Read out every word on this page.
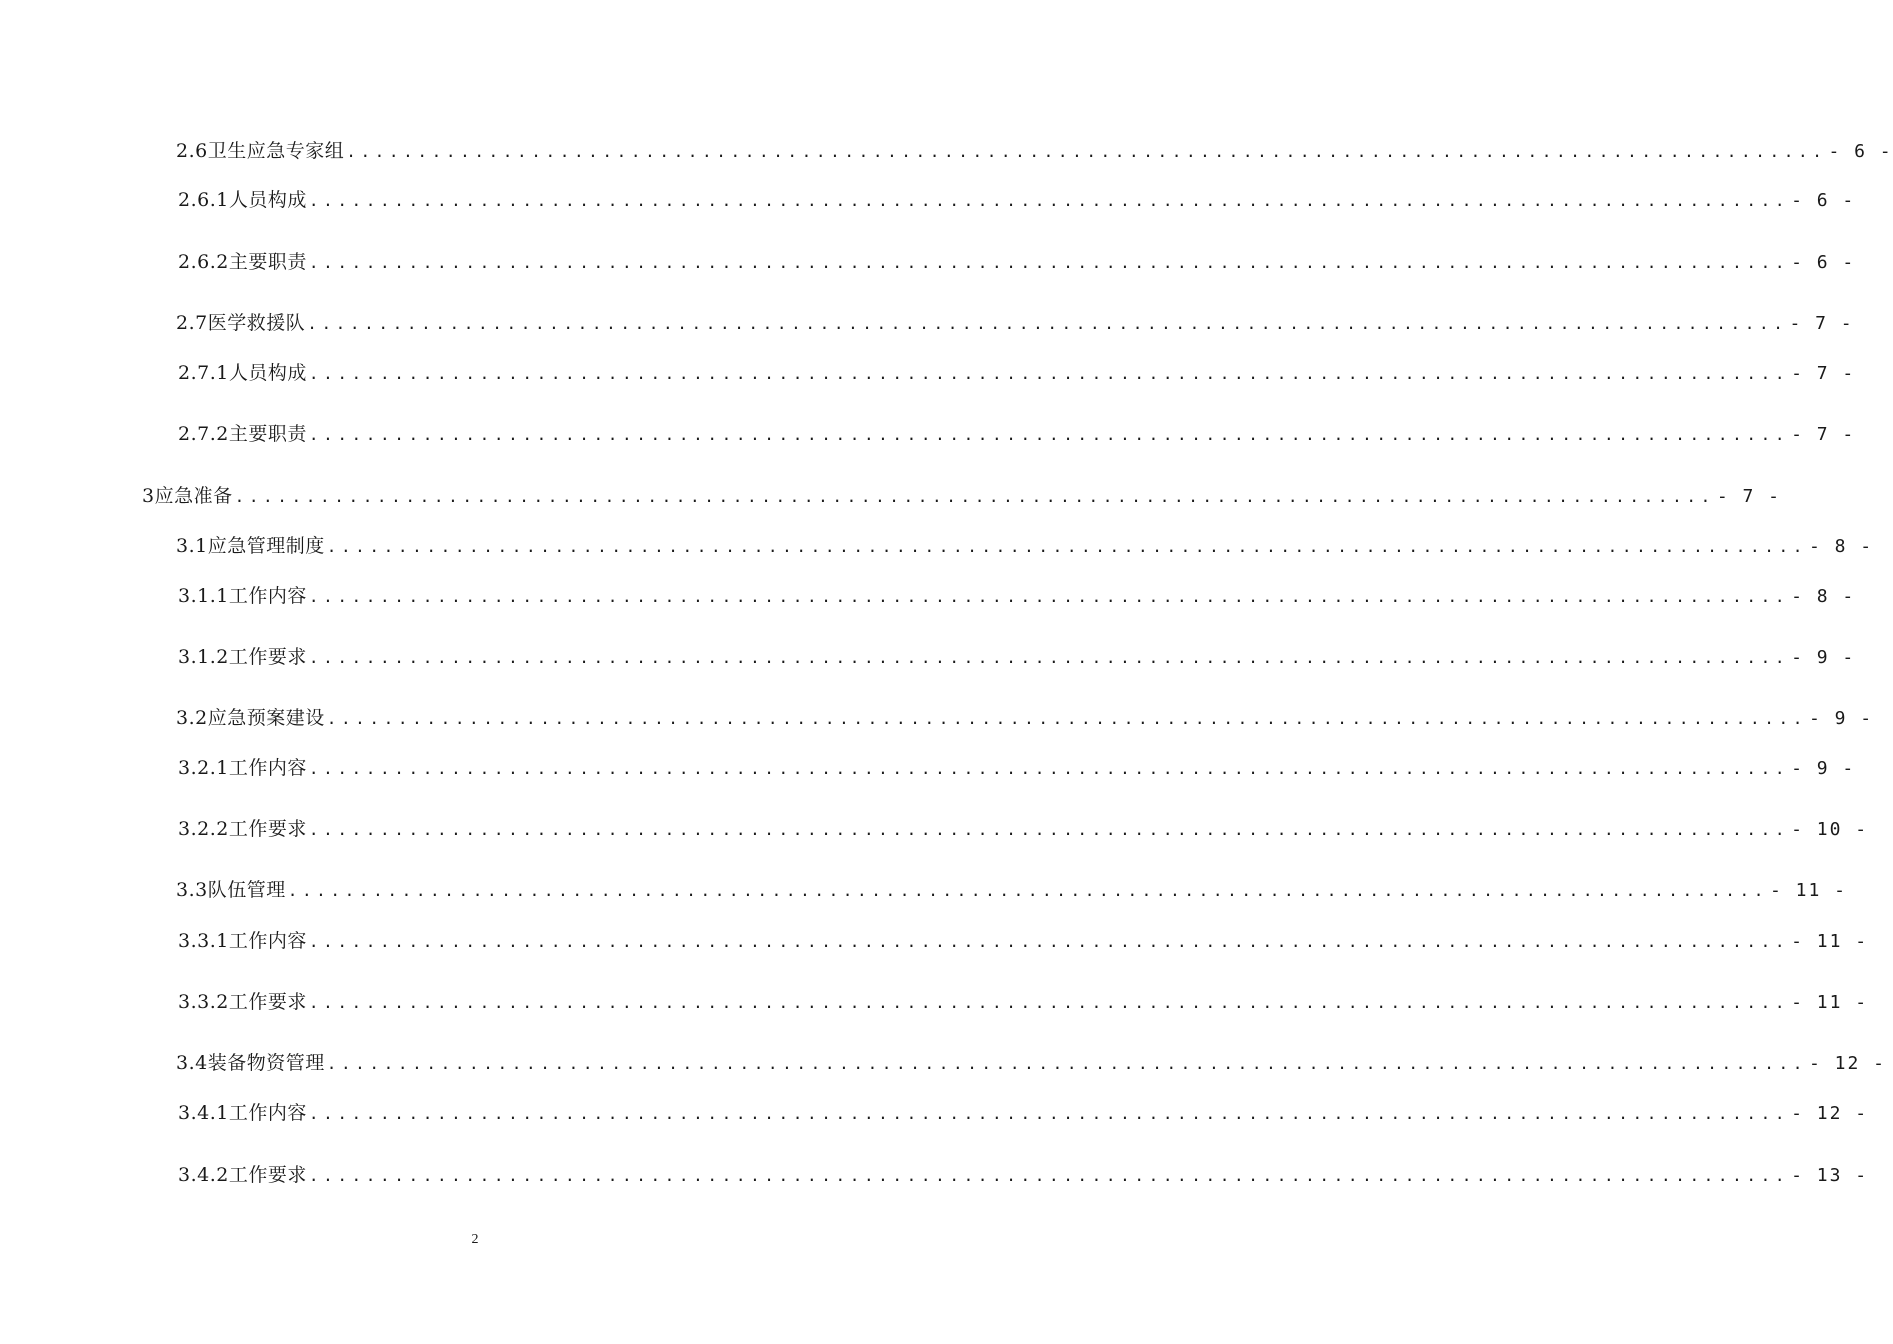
2.6卫生应急专家组 ........................................................................................................ - 6 -
2.6.1人员构成 ........................................................................................................ - 6 -
2.6.2主要职责 ........................................................................................................ - 6 -
2.7医学救援队 ........................................................................................................ - 7 -
2.7.1人员构成 ........................................................................................................ - 7 -
2.7.2主要职责 ........................................................................................................ - 7 -
3应急准备 ........................................................................................................ - 7 -
3.1应急管理制度 ........................................................................................................ - 8 -
3.1.1工作内容 ........................................................................................................ - 8 -
3.1.2工作要求 ........................................................................................................ - 9 -
3.2应急预案建设 ........................................................................................................ - 9 -
3.2.1工作内容 ........................................................................................................ - 9 -
3.2.2工作要求 ........................................................................................................ - 10 -
3.3队伍管理 ........................................................................................................ - 11 -
3.3.1工作内容 ........................................................................................................ - 11 -
3.3.2工作要求 ........................................................................................................ - 11 -
3.4装备物资管理 ........................................................................................................ - 12 -
3.4.1工作内容 ........................................................................................................ - 12 -
3.4.2工作要求 ........................................................................................................ - 13 -
2
